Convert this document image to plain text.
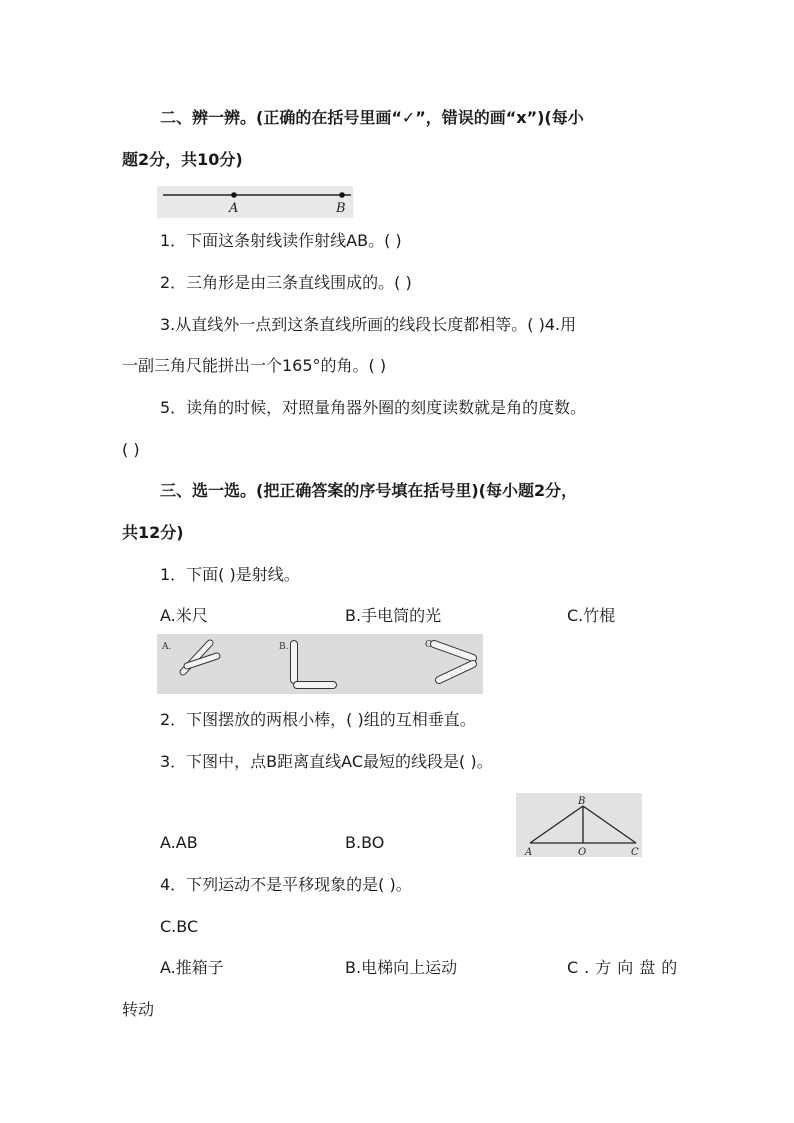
二、辨一辨。(正确的在括号里画“✓”，错误的画“x”)(每小
题2分，共10分)
A	B
1．下面这条射线读作射线AB。( )
2．三角形是由三条直线围成的。( )
3.从直线外一点到这条直线所画的线段长度都相等。( )4.用
一副三角尺能拼出一个165°的角。( )
5．读角的时候，对照量角器外圈的刻度读数就是角的度数。
( )
三、选一选。(把正确答案的序号填在括号里)(每小题2分，
共12分)
1．下面( )是射线。
A.米尺	B.手电筒的光	C.竹棍
A.	B.	C.
2．下图摆放的两根小棒，( )组的互相垂直。
3．下图中，点B距离直线AC最短的线段是( )。
B
A	O	C
A.AB	B.BO
4．下列运动不是平移现象的是( )。
C.BC
A.推箱子	B.电梯向上运动	C.方向盘的
转动
